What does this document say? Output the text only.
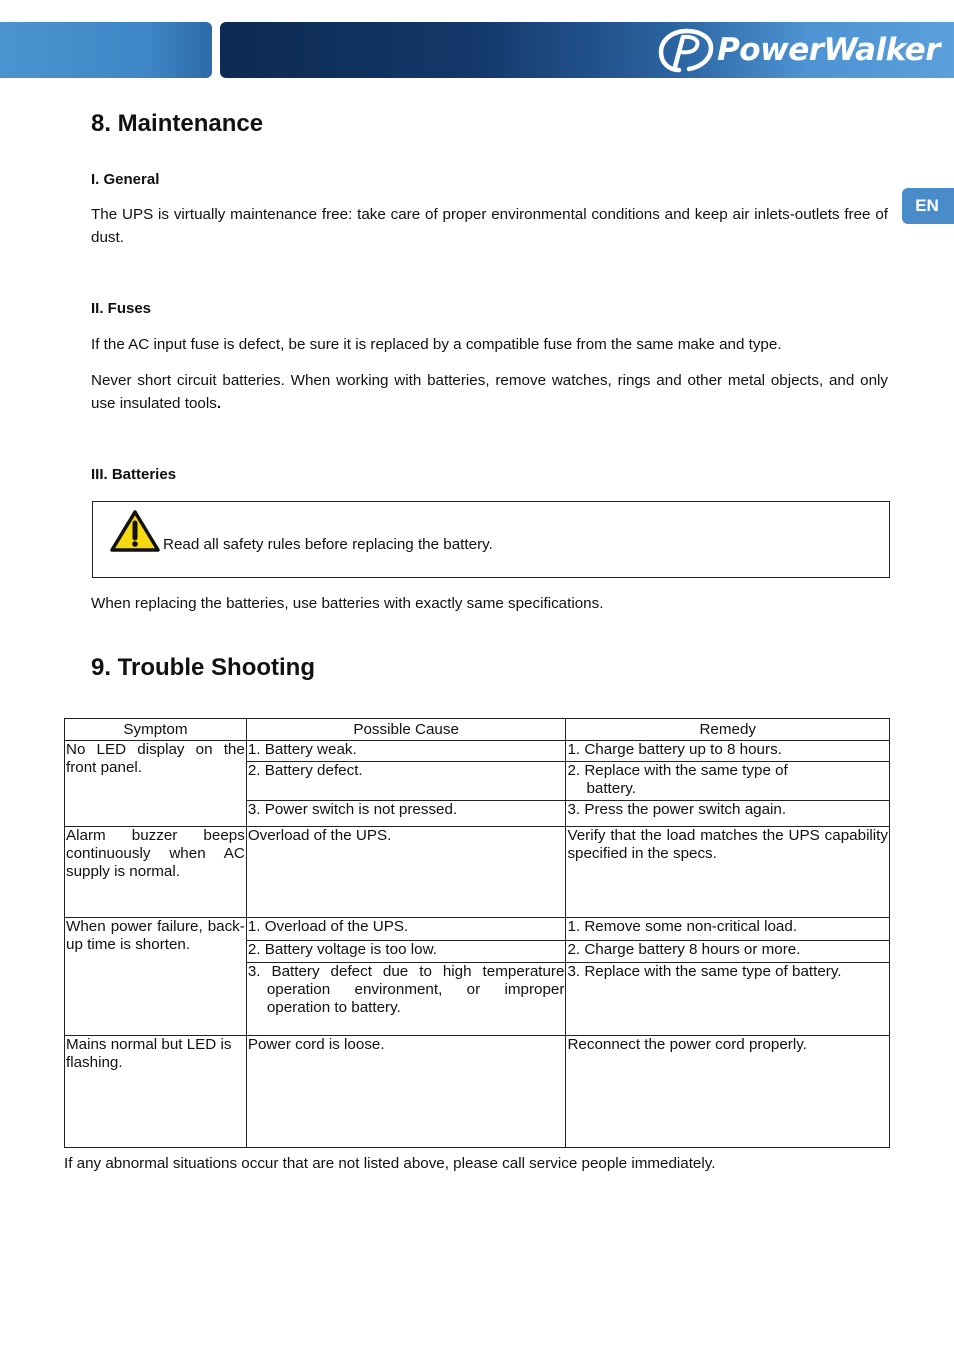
PowerWalker
EN
8. Maintenance
I. General

The UPS is virtually maintenance free: take care of proper environmental conditions and keep air inlets-outlets free of dust.

II. Fuses

If the AC input fuse is defect, be sure it is replaced by a compatible fuse from the same make and type.

Never short circuit batteries. When working with batteries, remove watches, rings and other metal objects, and only use insulated tools.

III. Batteries
Read all safety rules before replacing the battery.

When replacing the batteries, use batteries with exactly same specifications.

9. Trouble Shooting
Symptom	Possible Cause	Remedy
No LED display on the front panel.	1. Battery weak.	1. Charge battery up to 8 hours.
	2. Battery defect.	2. Replace with the same type of
battery.

	3. Power switch is not pressed.	3. Press the power switch again.
Alarm buzzer beeps continuously when AC supply is normal.	Overload of the UPS.	Verify that the load matches the UPS capability specified in the specs.
When power failure, back-up time is shorten.	1. Overload of the UPS.	1. Remove some non-critical load.
	2. Battery voltage is too low.	2. Charge battery 8 hours or more.

	3. Battery defect due to high temperature operation environment, or improper operation to battery.	3. Replace with the same type of battery.
Mains normal but LED is flashing.	Power cord is loose.	Reconnect the power cord properly.
If any abnormal situations occur that are not listed above, please call service people immediately.
